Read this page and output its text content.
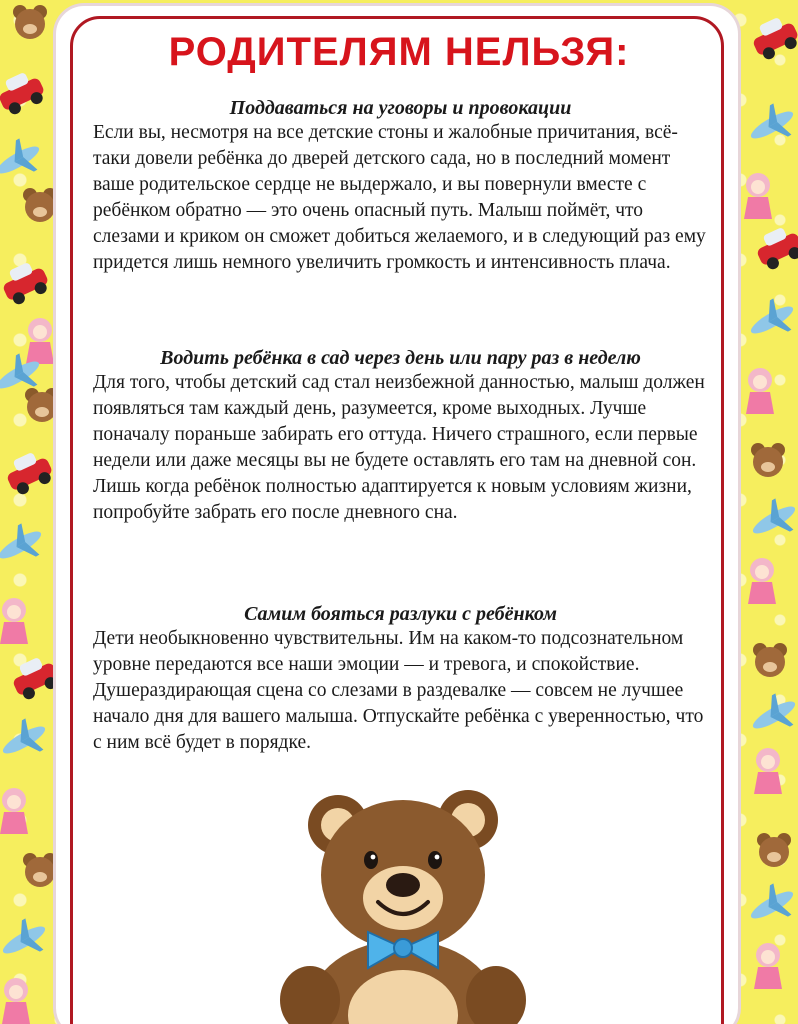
РОДИТЕЛЯМ НЕЛЬЗЯ:
Поддаваться на уговоры и провокации

Если вы, несмотря на все детские стоны и жалобные причитания, всё-таки довели ребёнка до дверей детского сада, но в последний момент ваше родительское сердце не выдержало, и вы повернули вместе с ребёнком обратно — это очень опасный путь. Малыш поймёт, что слезами и криком он сможет добиться желаемого, и в следующий раз ему придется лишь немного увеличить громкость и интенсивность плача.

Водить ребёнка в сад через день или пару раз в неделю

Для того, чтобы детский сад стал неизбежной данностью, малыш должен появляться там каждый день, разумеется, кроме выходных. Лучше поначалу пораньше забирать его оттуда. Ничего страшного, если первые недели или даже месяцы вы не будете оставлять его там на дневной сон. Лишь когда ребёнок полностью адаптируется к новым условиям жизни, попробуйте забрать его после дневного сна.

Самим бояться разлуки с ребёнком

Дети необыкновенно чувствительны. Им на каком-то подсознательном уровне передаются все наши эмоции — и тревога, и спокойствие. Душераздирающая сцена со слезами в раздевалке — совсем не лучшее начало дня для вашего малыша. Отпускайте ребёнка с уверенностью, что с ним всё будет в порядке.
